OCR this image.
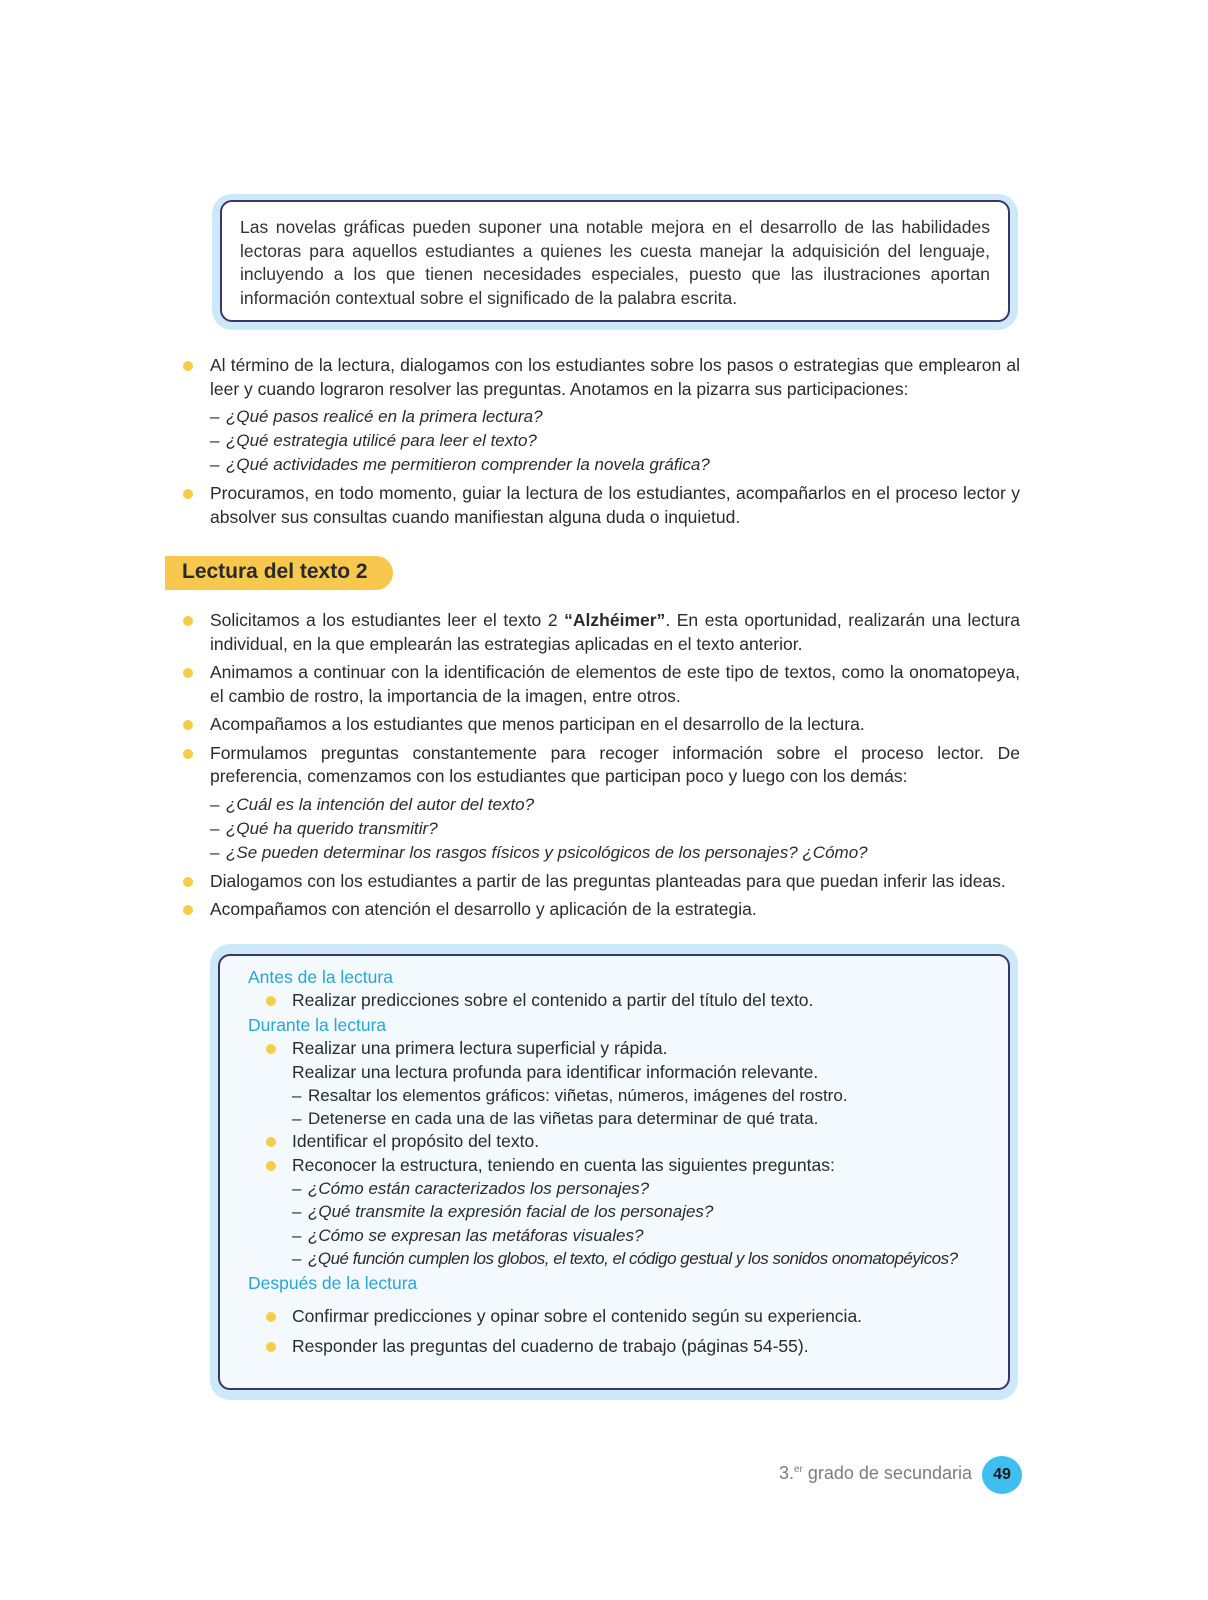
Las novelas gráficas pueden suponer una notable mejora en el desarrollo de las habilidades lectoras para aquellos estudiantes a quienes les cuesta manejar la adquisición del lenguaje, incluyendo a los que tienen necesidades especiales, puesto que las ilustraciones aportan información contextual sobre el significado de la palabra escrita.

Al término de la lectura, dialogamos con los estudiantes sobre los pasos o estrategias que emplearon al leer y cuando lograron resolver las preguntas. Anotamos en la pizarra sus participaciones:
– ¿Qué pasos realicé en la primera lectura?
– ¿Qué estrategia utilicé para leer el texto?
– ¿Qué actividades me permitieron comprender la novela gráfica?
Procuramos, en todo momento, guiar la lectura de los estudiantes, acompañarlos en el proceso lector y absolver sus consultas cuando manifiestan alguna duda o inquietud.
Lectura del texto 2
Solicitamos a los estudiantes leer el texto 2 “Alzhéimer”. En esta oportunidad, realizarán una lectura individual, en la que emplearán las estrategias aplicadas en el texto anterior.
Animamos a continuar con la identificación de elementos de este tipo de textos, como la onomatopeya, el cambio de rostro, la importancia de la imagen, entre otros.
Acompañamos a los estudiantes que menos participan en el desarrollo de la lectura.
Formulamos preguntas constantemente para recoger información sobre el proceso lector. De preferencia, comenzamos con los estudiantes que participan poco y luego con los demás:
– ¿Cuál es la intención del autor del texto?
– ¿Qué ha querido transmitir?
– ¿Se pueden determinar los rasgos físicos y psicológicos de los personajes? ¿Cómo?
Dialogamos con los estudiantes a partir de las preguntas planteadas para que puedan inferir las ideas.
Acompañamos con atención el desarrollo y aplicación de la estrategia.

Antes de la lectura

Realizar predicciones sobre el contenido a partir del título del texto.

Durante la lectura

Realizar una primera lectura superficial y rápida.
Realizar una lectura profunda para identificar información relevante.
– Resaltar los elementos gráficos: viñetas, números, imágenes del rostro.
– Detenerse en cada una de las viñetas para determinar de qué trata.
Identificar el propósito del texto.
Reconocer la estructura, teniendo en cuenta las siguientes preguntas:
– ¿Cómo están caracterizados los personajes?
– ¿Qué transmite la expresión facial de los personajes?
– ¿Cómo se expresan las metáforas visuales?
– ¿Qué función cumplen los globos, el texto, el código gestual y los sonidos onomatopéyicos?

Después de la lectura

Confirmar predicciones y opinar sobre el contenido según su experiencia.
Responder las preguntas del cuaderno de trabajo (páginas 54-55).
3.$^{er}$ grado de secundaria	49
